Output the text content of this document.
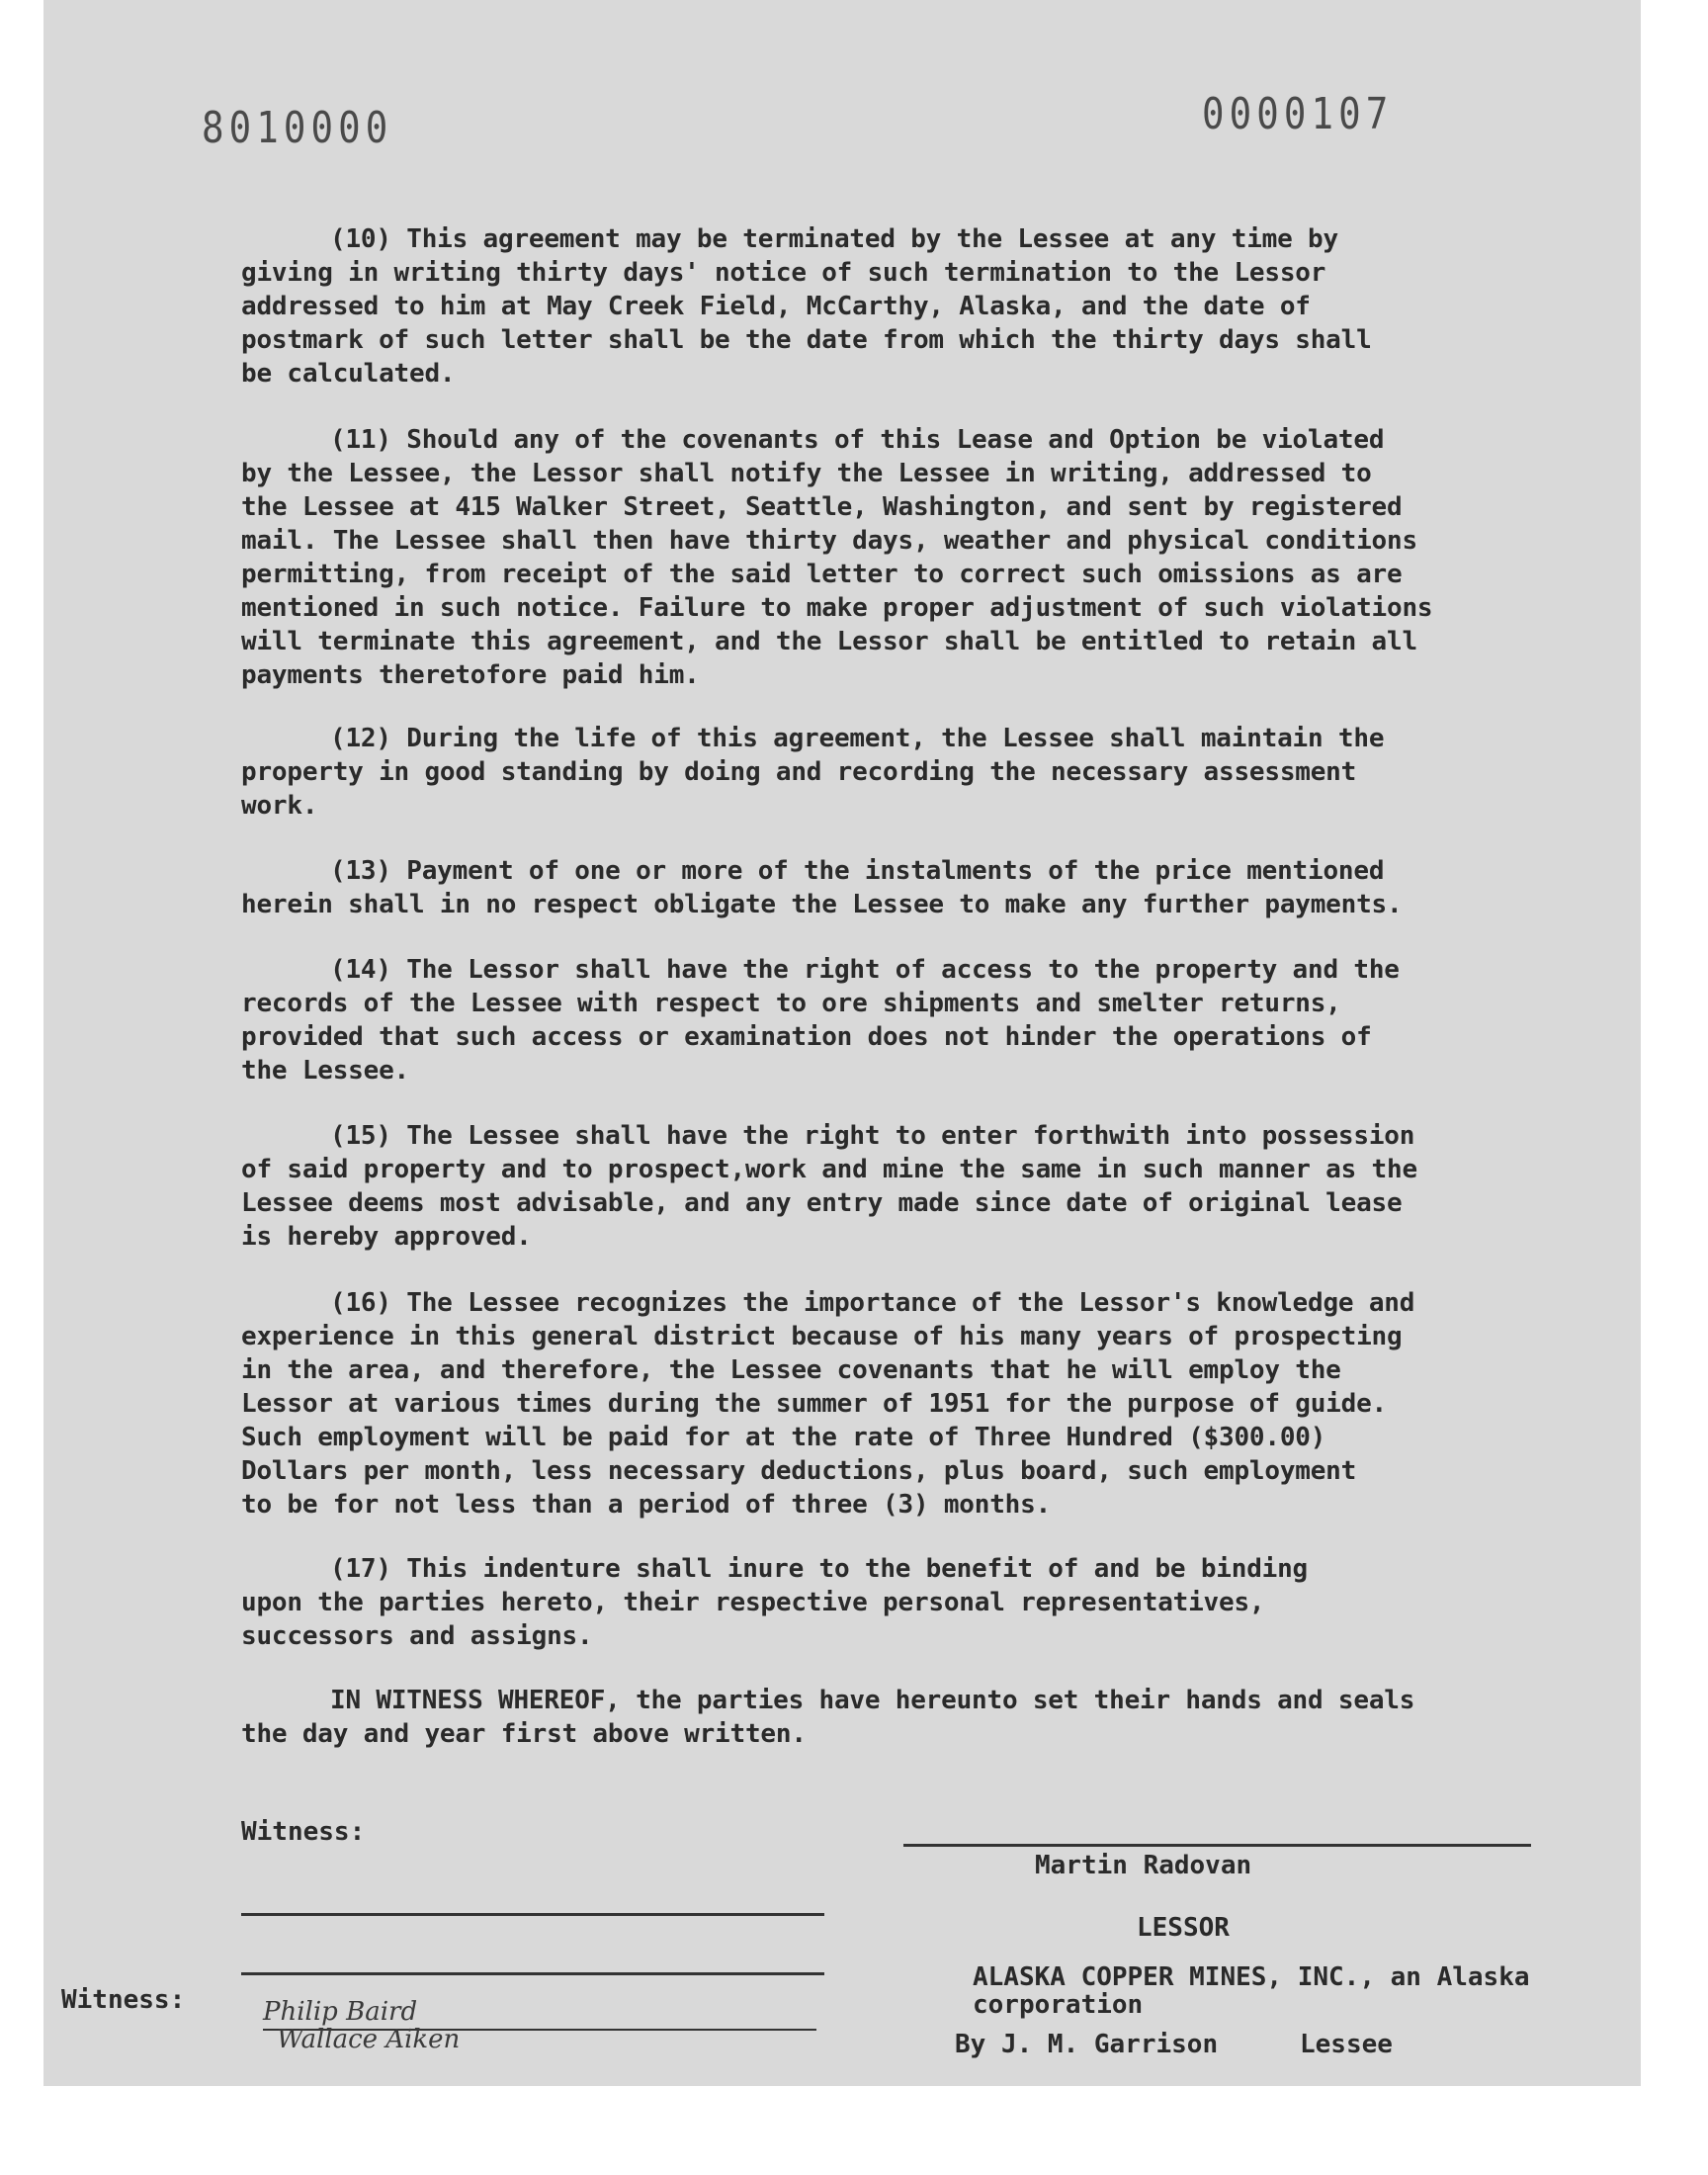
8010000	0000107

(10) This agreement may be terminated by the Lessee at any time by
giving in writing thirty days' notice of such termination to the Lessor
addressed to him at May Creek Field, McCarthy, Alaska, and the date of
postmark of such letter shall be the date from which the thirty days shall
be calculated.

(11) Should any of the covenants of this Lease and Option be violated
by the Lessee, the Lessor shall notify the Lessee in writing, addressed to
the Lessee at 415 Walker Street, Seattle, Washington, and sent by registered
mail. The Lessee shall then have thirty days, weather and physical conditions
permitting, from receipt of the said letter to correct such omissions as are
mentioned in such notice. Failure to make proper adjustment of such violations
will terminate this agreement, and the Lessor shall be entitled to retain all
payments theretofore paid him.

(12) During the life of this agreement, the Lessee shall maintain the
property in good standing by doing and recording the necessary assessment
work.

(13) Payment of one or more of the instalments of the price mentioned
herein shall in no respect obligate the Lessee to make any further payments.

(14) The Lessor shall have the right of access to the property and the
records of the Lessee with respect to ore shipments and smelter returns,
provided that such access or examination does not hinder the operations of
the Lessee.

(15) The Lessee shall have the right to enter forthwith into possession
of said property and to prospect,work and mine the same in such manner as the
Lessee deems most advisable, and any entry made since date of original lease
is hereby approved.

(16) The Lessee recognizes the importance of the Lessor's knowledge and
experience in this general district because of his many years of prospecting
in the area, and therefore, the Lessee covenants that he will employ the
Lessor at various times during the summer of 1951 for the purpose of guide.
Such employment will be paid for at the rate of Three Hundred ($300.00)
Dollars per month, less necessary deductions, plus board, such employment
to be for not less than a period of three (3) months.

(17) This indenture shall inure to the benefit of and be binding
upon the parties hereto, their respective personal representatives,
successors and assigns.

IN WITNESS WHEREOF, the parties have hereunto set their hands and seals
the day and year first above written.

Witness:
Martin Radovan
LESSOR
Witness:
ALASKA COPPER MINES, INC., an Alaska
corporation
Philip Baird
Wallace Aiken	By J. M. Garrison	Lessee
